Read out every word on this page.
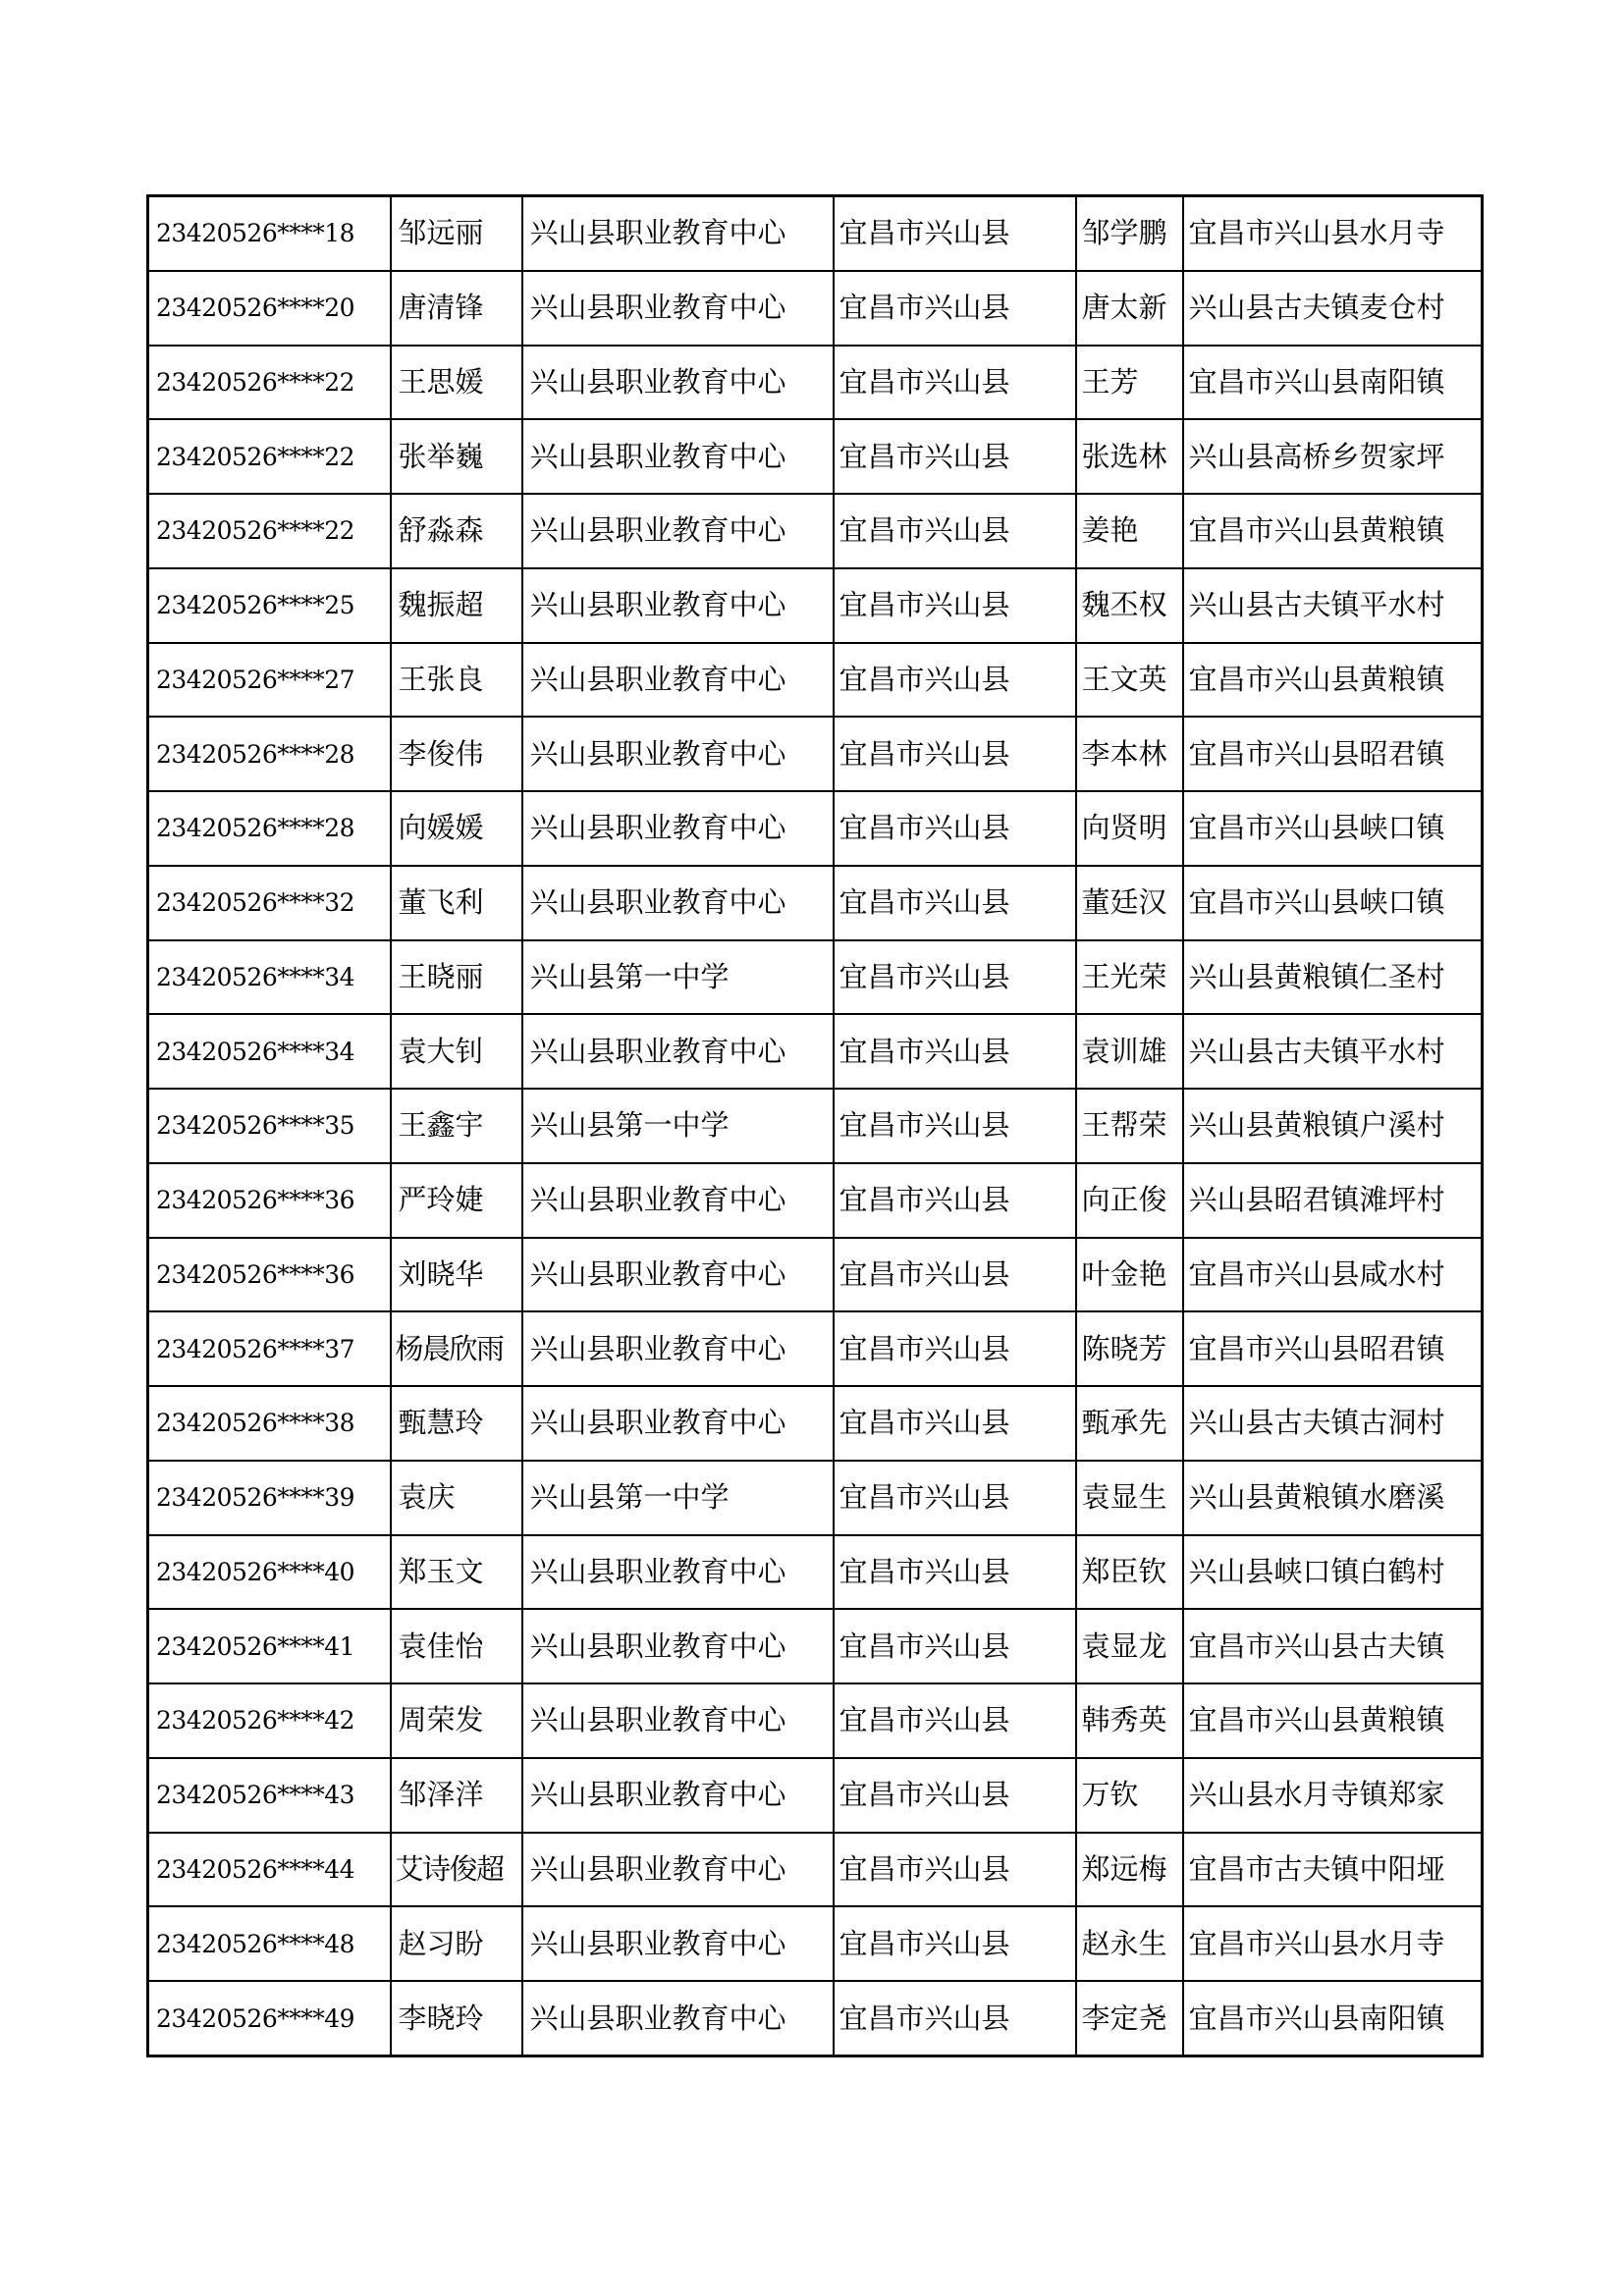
23420526****18	邹远丽	兴山县职业教育中心	宜昌市兴山县	邹学鹏	宜昌市兴山县水月寺
23420526****20	唐清锋	兴山县职业教育中心	宜昌市兴山县	唐太新	兴山县古夫镇麦仓村
23420526****22	王思媛	兴山县职业教育中心	宜昌市兴山县	王芳	宜昌市兴山县南阳镇
23420526****22	张举巍	兴山县职业教育中心	宜昌市兴山县	张选林	兴山县高桥乡贺家坪
23420526****22	舒淼森	兴山县职业教育中心	宜昌市兴山县	姜艳	宜昌市兴山县黄粮镇
23420526****25	魏振超	兴山县职业教育中心	宜昌市兴山县	魏丕权	兴山县古夫镇平水村
23420526****27	王张良	兴山县职业教育中心	宜昌市兴山县	王文英	宜昌市兴山县黄粮镇
23420526****28	李俊伟	兴山县职业教育中心	宜昌市兴山县	李本林	宜昌市兴山县昭君镇
23420526****28	向媛媛	兴山县职业教育中心	宜昌市兴山县	向贤明	宜昌市兴山县峡口镇
23420526****32	董飞利	兴山县职业教育中心	宜昌市兴山县	董廷汉	宜昌市兴山县峡口镇
23420526****34	王晓丽	兴山县第一中学	宜昌市兴山县	王光荣	兴山县黄粮镇仁圣村
23420526****34	袁大钊	兴山县职业教育中心	宜昌市兴山县	袁训雄	兴山县古夫镇平水村
23420526****35	王鑫宇	兴山县第一中学	宜昌市兴山县	王帮荣	兴山县黄粮镇户溪村
23420526****36	严玲婕	兴山县职业教育中心	宜昌市兴山县	向正俊	兴山县昭君镇滩坪村
23420526****36	刘晓华	兴山县职业教育中心	宜昌市兴山县	叶金艳	宜昌市兴山县咸水村
23420526****37	杨晨欣雨	兴山县职业教育中心	宜昌市兴山县	陈晓芳	宜昌市兴山县昭君镇
23420526****38	甄慧玲	兴山县职业教育中心	宜昌市兴山县	甄承先	兴山县古夫镇古洞村
23420526****39	袁庆	兴山县第一中学	宜昌市兴山县	袁显生	兴山县黄粮镇水磨溪
23420526****40	郑玉文	兴山县职业教育中心	宜昌市兴山县	郑臣钦	兴山县峡口镇白鹤村
23420526****41	袁佳怡	兴山县职业教育中心	宜昌市兴山县	袁显龙	宜昌市兴山县古夫镇
23420526****42	周荣发	兴山县职业教育中心	宜昌市兴山县	韩秀英	宜昌市兴山县黄粮镇
23420526****43	邹泽洋	兴山县职业教育中心	宜昌市兴山县	万钦	兴山县水月寺镇郑家
23420526****44	艾诗俊超	兴山县职业教育中心	宜昌市兴山县	郑远梅	宜昌市古夫镇中阳垭
23420526****48	赵习盼	兴山县职业教育中心	宜昌市兴山县	赵永生	宜昌市兴山县水月寺
23420526****49	李晓玲	兴山县职业教育中心	宜昌市兴山县	李定尧	宜昌市兴山县南阳镇
